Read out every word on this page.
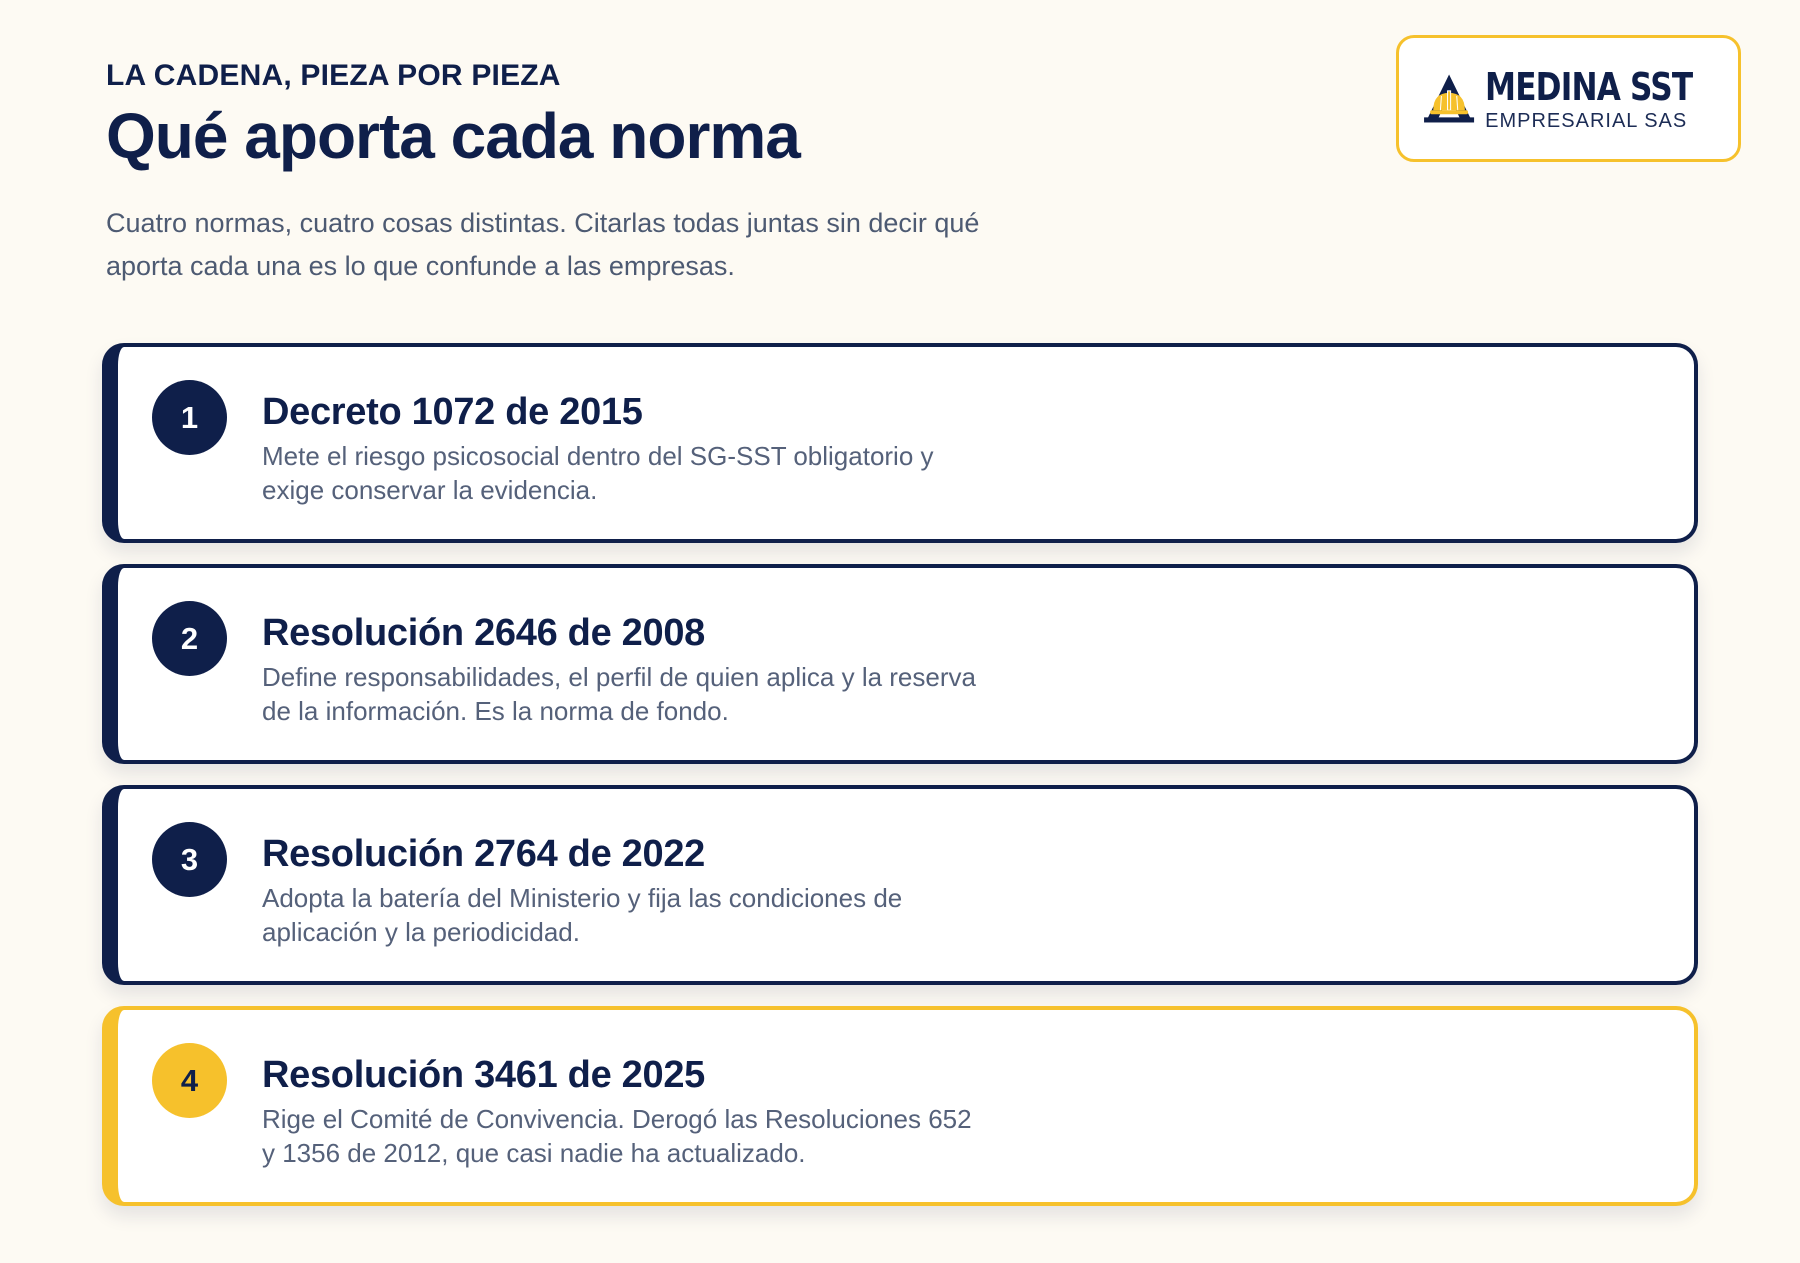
LA CADENA, PIEZA POR PIEZA
Qué aporta cada norma

Cuatro normas, cuatro cosas distintas. Citarlas todas juntas sin decir qué aporta cada una es lo que confunde a las empresas.

MEDINA SST
EMPRESARIAL SAS
1	Decreto 1072 de 2015
Mete el riesgo psicosocial dentro del SG-SST obligatorio y exige conservar la evidencia.
2	Resolución 2646 de 2008
Define responsabilidades, el perfil de quien aplica y la reserva de la información. Es la norma de fondo.
3	Resolución 2764 de 2022
Adopta la batería del Ministerio y fija las condiciones de aplicación y la periodicidad.
4	Resolución 3461 de 2025
Rige el Comité de Convivencia. Derogó las Resoluciones 652 y 1356 de 2012, que casi nadie ha actualizado.
